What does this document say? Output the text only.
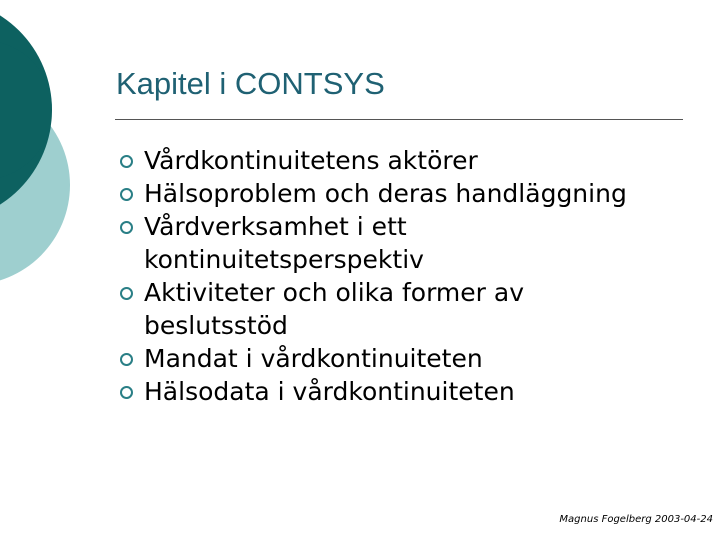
Kapitel i CONTSYS
Vårdkontinuitetens aktörer
Hälsoproblem och deras handläggning
Vårdverksamhet i ett kontinuitetsperspektiv
Aktiviteter och olika former av beslutsstöd
Mandat i vårdkontinuiteten
Hälsodata i vårdkontinuiteten
Magnus Fogelberg 2003-04-24
